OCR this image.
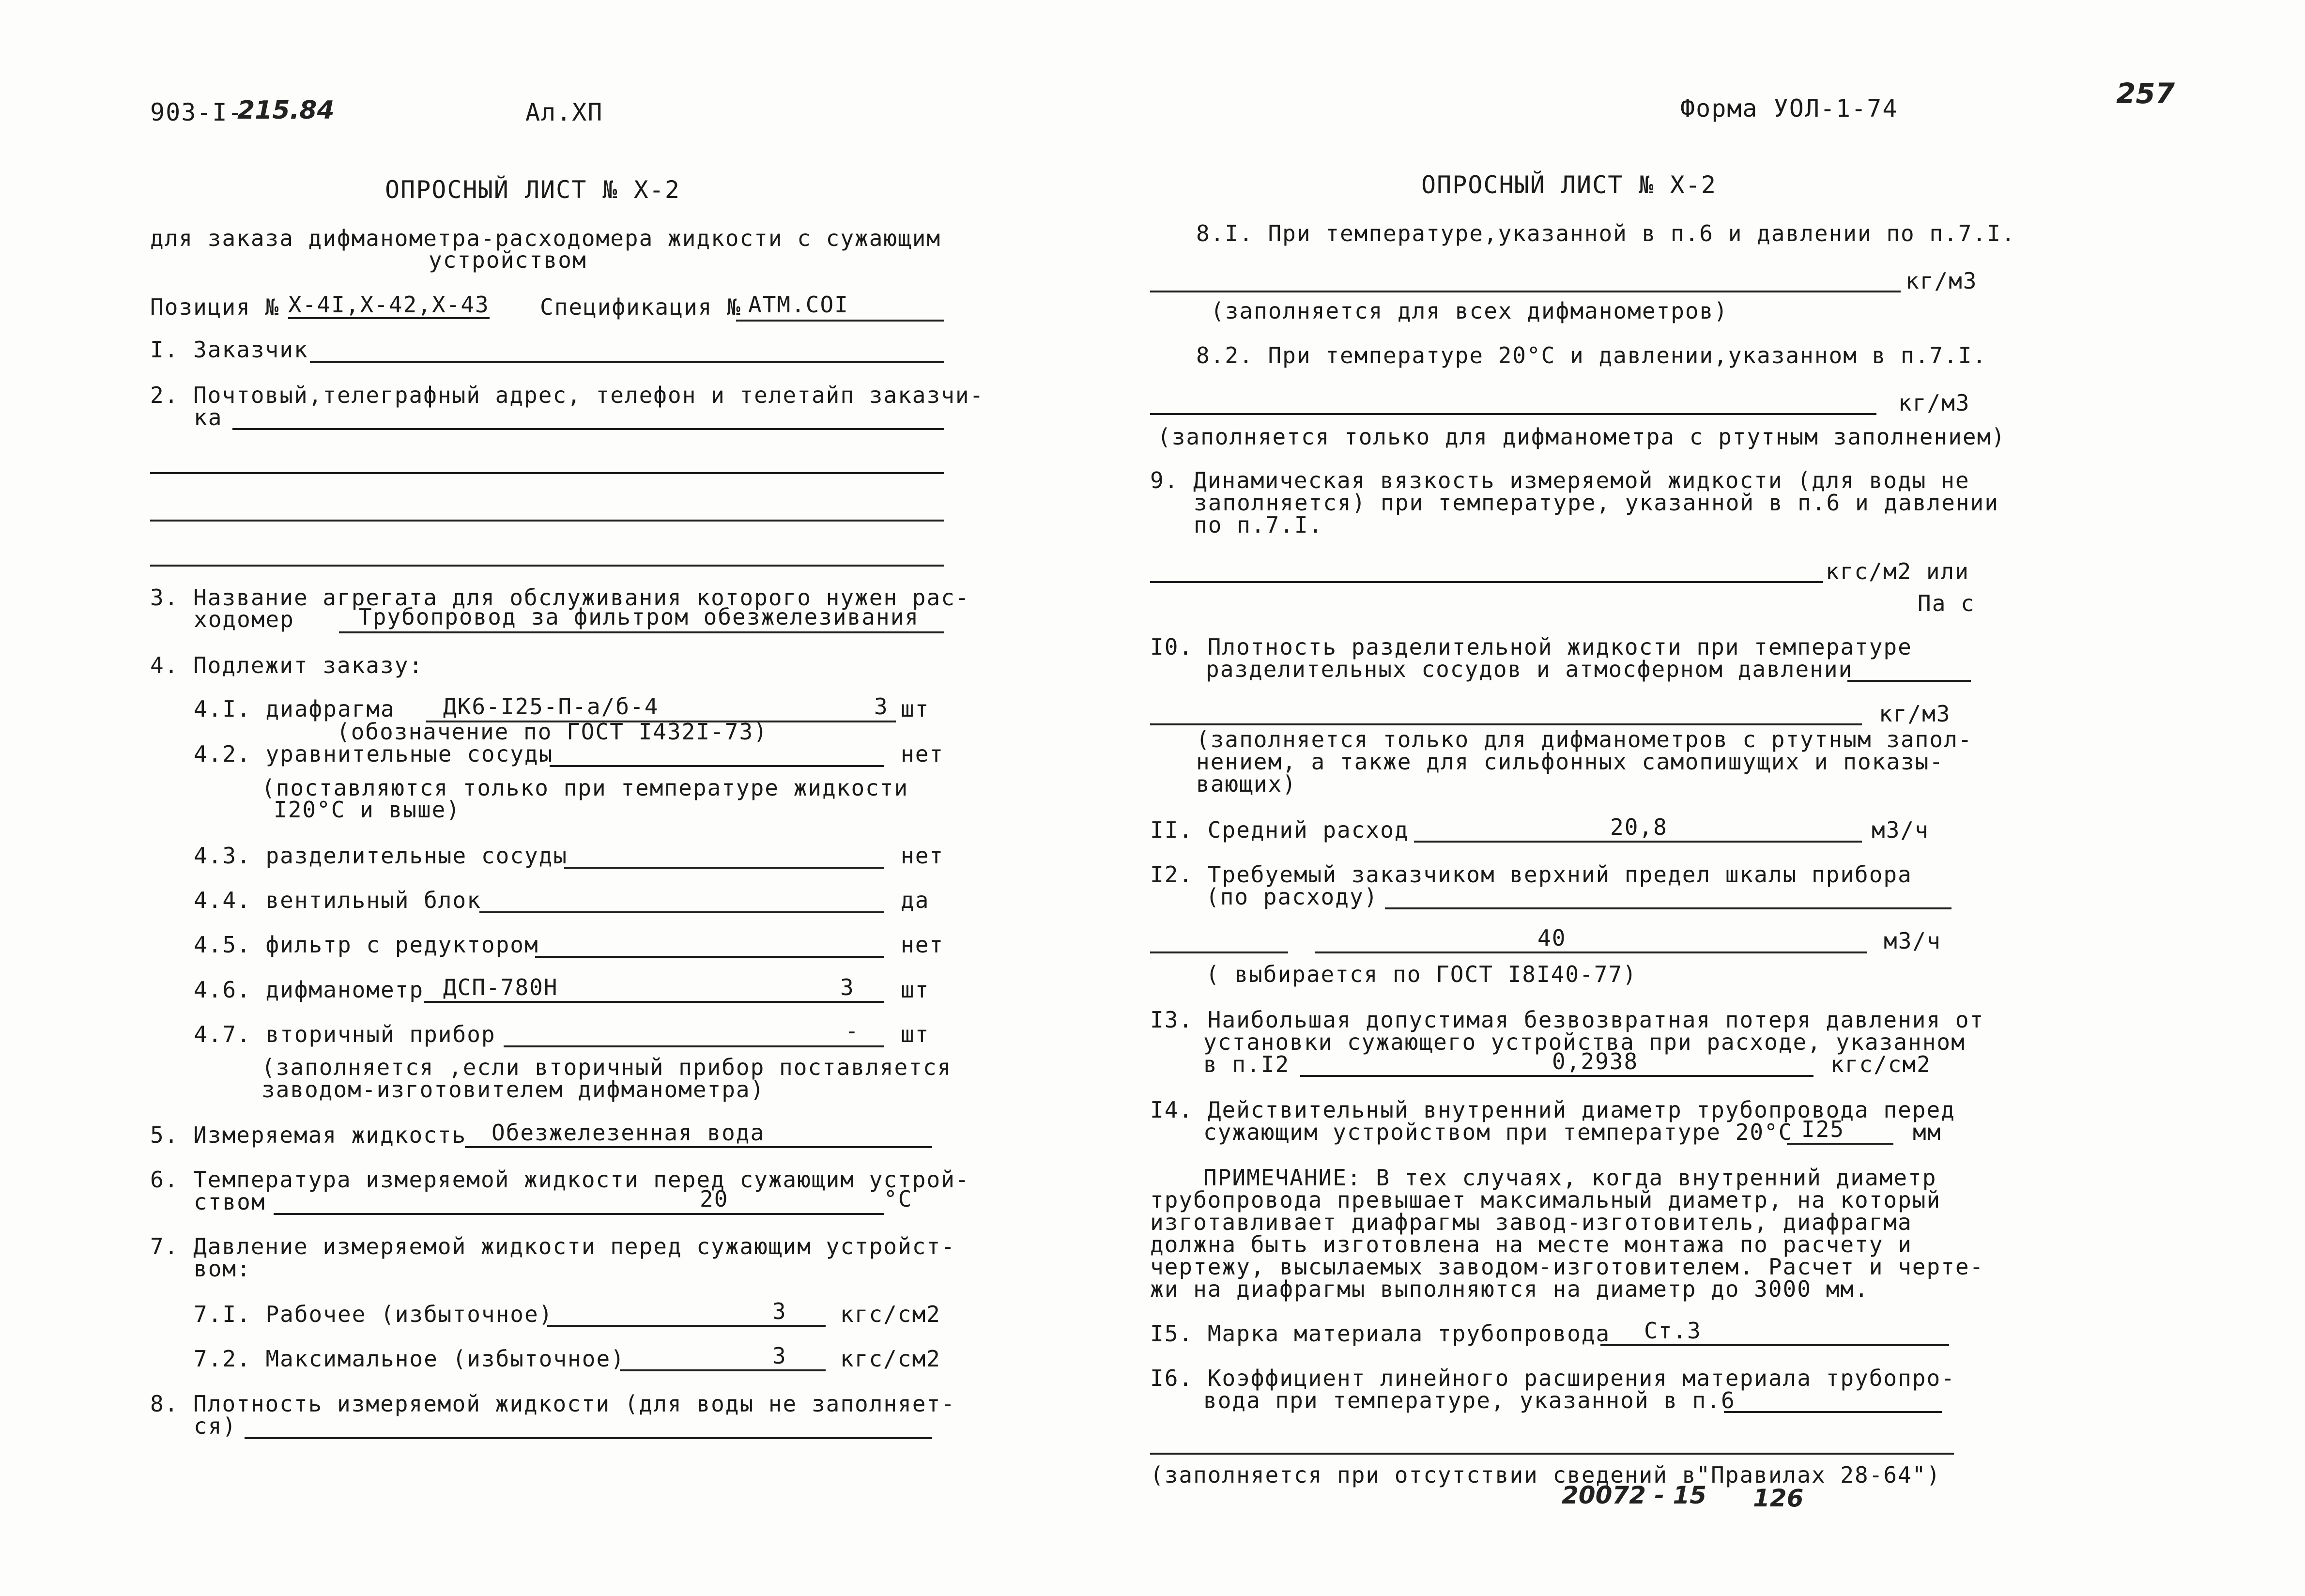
903-I-
215.84	Ал.XП	Форма УОЛ-1-74	257
ОПРОСНЫЙ ЛИСТ № X-2
для заказа дифманометра-расходомера жидкости с сужающим
устройством
Позиция № X-4I,X-42,X-43 Спецификация № ATM.COI
I. Заказчик
2. Почтовый,телеграфный адрес, телефон и телетайп заказчи-
ка
3. Название агрегата для обслуживания которого нужен рас-
ходомер	Трубопровод за фильтром обезжелезивания
4. Подлежит заказу:
4.I. диафрагма ДК6-I25-П-а/б-4	3 шт
(обозначение по ГОСТ I432I-73)
4.2. уравнительные сосуды	нет
(поставляются только при температуре жидкости
I20°C и выше)
4.3. разделительные сосуды	нет
4.4. вентильный блок	да
4.5. фильтр с редуктором	нет
4.6. дифманометр ДСП-780Н	3 шт
4.7. вторичный прибор	- шт
(заполняется ,если вторичный прибор поставляется
заводом-изготовителем дифманометра)
5. Измеряемая жидкость Обезжелезенная вода
6. Температура измеряемой жидкости перед сужающим устрой-
ством	20	°C
7. Давление измеряемой жидкости перед сужающим устройст-
вом:
7.I. Рабочее (избыточное)	3 кгс/см2
7.2. Максимальное (избыточное)	3 кгс/см2
8. Плотность измеряемой жидкости (для воды не заполняет-
ся)
ОПРОСНЫЙ ЛИСТ № X-2
8.I. При температуре,указанной в п.6 и давлении по п.7.I.
кг/м3
(заполняется для всех дифманометров)
8.2. При температуре 20°C и давлении,указанном в п.7.I.
кг/м3
(заполняется только для дифманометра с ртутным заполнением)
9. Динамическая вязкость измеряемой жидкости (для воды не
заполняется) при температуре, указанной в п.6 и давлении
по п.7.I.
кгс/м2 или
Па с
I0. Плотность разделительной жидкости при температуре
разделительных сосудов и атмосферном давлении
кг/м3
(заполняется только для дифманометров с ртутным запол-
нением, а также для сильфонных самопишущих и показы-
вающих)
II. Средний расход	20,8	м3/ч
I2. Требуемый заказчиком верхний предел шкалы прибора
(по расходу)
40	м3/ч
( выбирается по ГОСТ I8I40-77)
I3. Наибольшая допустимая безвозвратная потеря давления от
установки сужающего устройства при расходе, указанном
в п.I2	0,2938	кгс/см2
I4. Действительный внутренний диаметр трубопровода перед
сужающим устройством при температуре 20°C I25	мм
ПРИМЕЧАНИЕ: В тех случаях, когда внутренний диаметр
трубопровода превышает максимальный диаметр, на который
изготавливает диафрагмы завод-изготовитель, диафрагма
должна быть изготовлена на месте монтажа по расчету и
чертежу, высылаемых заводом-изготовителем. Расчет и черте-
жи на диафрагмы выполняются на диаметр до 3000 мм.
I5. Марка материала трубопровода Ст.3
I6. Коэффициент линейного расширения материала трубопро-
вода при температуре, указанной в п.6
(заполняется при отсутствии сведений в"Правилах 28-64")
20072 - 15 126
